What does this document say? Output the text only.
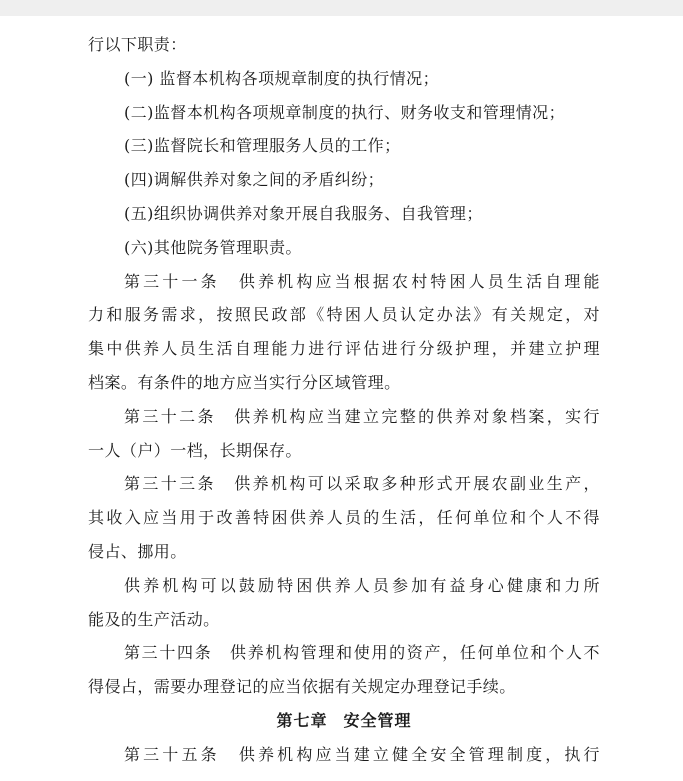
行以下职责：
(一) 监督本机构各项规章制度的执行情况；
(二)监督本机构各项规章制度的执行、财务收支和管理情况；
(三)监督院长和管理服务人员的工作；
(四)调解供养对象之间的矛盾纠纷；
(五)组织协调供养对象开展自我服务、自我管理；
(六)其他院务管理职责。
第三十一条　供养机构应当根据农村特困人员生活自理能
力和服务需求，按照民政部《特困人员认定办法》有关规定，对
集中供养人员生活自理能力进行评估进行分级护理，并建立护理
档案。有条件的地方应当实行分区域管理。
第三十二条　供养机构应当建立完整的供养对象档案，实行
一人（户）一档，长期保存。
第三十三条　供养机构可以采取多种形式开展农副业生产，
其收入应当用于改善特困供养人员的生活，任何单位和个人不得
侵占、挪用。
供养机构可以鼓励特困供养人员参加有益身心健康和力所
能及的生产活动。
第三十四条　供养机构管理和使用的资产，任何单位和个人不
得侵占，需要办理登记的应当依据有关规定办理登记手续。
第七章 安全管理
第三十五条　供养机构应当建立健全安全管理制度，执行
